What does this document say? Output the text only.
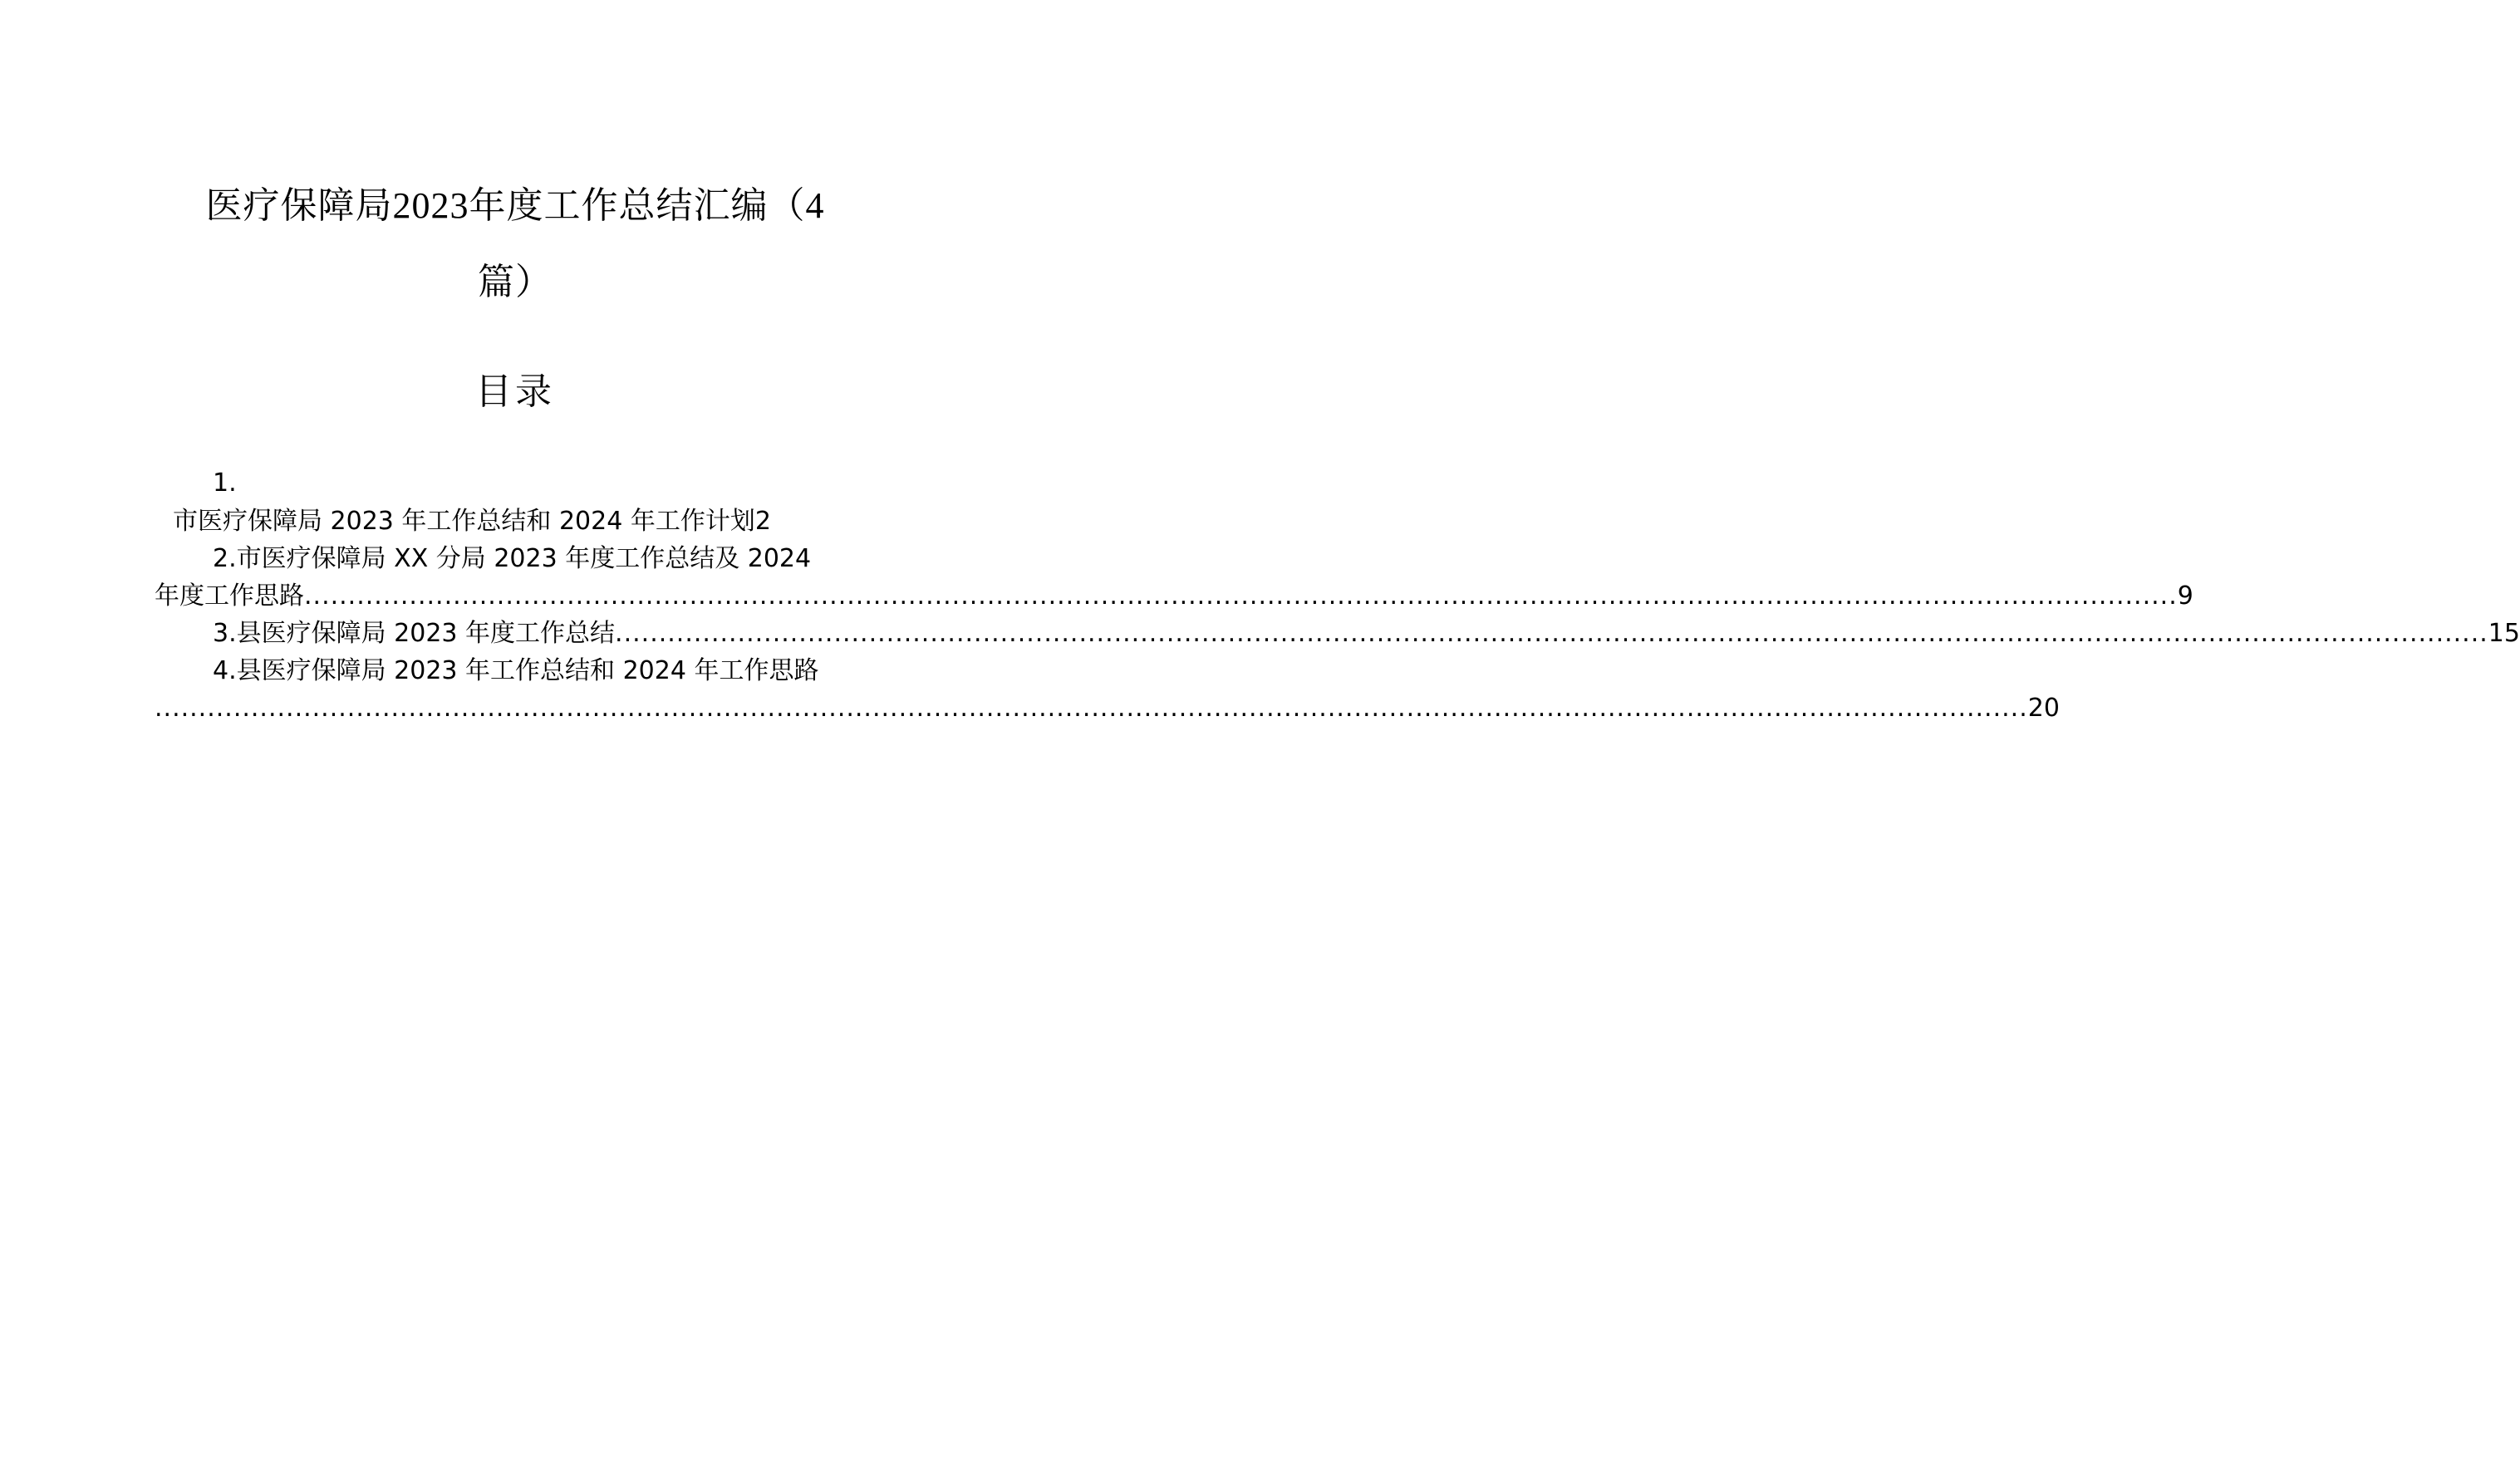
医疗保障局2023年度工作总结汇编（4
篇）
目录
1.
市医疗保障局 2023 年工作总结和 2024 年工作计划2
2.市医疗保障局 XX 分局 2023 年度工作总结及 2024
年度工作思路 ...................................................................................................................................................................................................................... 9
3.县医疗保障局 2023 年度工作总结 ...................................................................................................................................................................................................................... 15
4.县医疗保障局 2023 年工作总结和 2024 年工作思路
...................................................................................................................................................................................................................... 20
